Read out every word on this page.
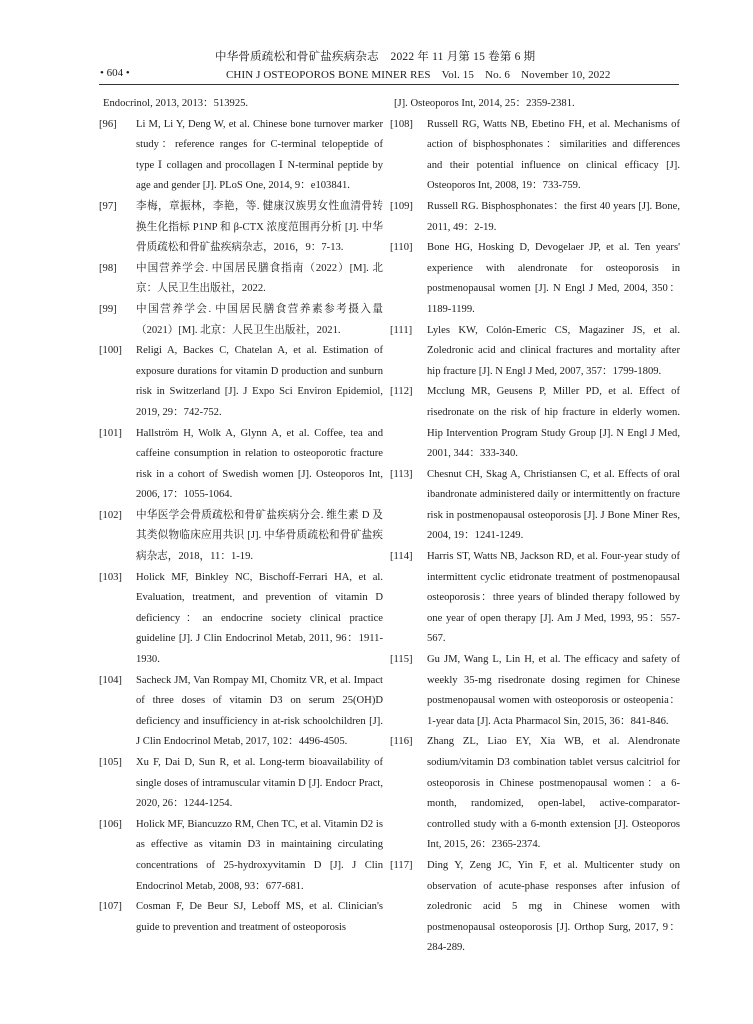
中华骨质疏松和骨矿盐疾病杂志　2022 年 11 月第 15 卷第 6 期
• 604 •	CHIN J OSTEOPOROS BONE MINER RES　Vol. 15　No. 6　November 10, 2022
Endocrinol, 2013, 2013：513925.
[96] Li M, Li Y, Deng W, et al. Chinese bone turnover marker study：reference ranges for C-terminal telopeptide of type Ⅰ collagen and procollagen Ⅰ N-terminal peptide by age and gender [J]. PLoS One, 2014, 9：e103841.
[97] 李梅，章振林，李艳，等. 健康汉族男女性血清骨转换生化指标 P1NP 和 β-CTX 浓度范围再分析 [J]. 中华骨质疏松和骨矿盐疾病杂志，2016，9：7-13.
[98] 中国营养学会. 中国居民膳食指南（2022）[M]. 北京：人民卫生出版社，2022.
[99] 中国营养学会. 中国居民膳食营养素参考摄入量（2021）[M]. 北京：人民卫生出版社，2021.
[100] Religi A, Backes C, Chatelan A, et al. Estimation of exposure durations for vitamin D production and sunburn risk in Switzerland [J]. J Expo Sci Environ Epidemiol, 2019, 29：742-752.
[101] Hallström H, Wolk A, Glynn A, et al. Coffee, tea and caffeine consumption in relation to osteoporotic fracture risk in a cohort of Swedish women [J]. Osteoporos Int, 2006, 17：1055-1064.
[102] 中华医学会骨质疏松和骨矿盐疾病分会. 维生素 D 及其类似物临床应用共识 [J]. 中华骨质疏松和骨矿盐疾病杂志，2018，11：1-19.
[103] Holick MF, Binkley NC, Bischoff-Ferrari HA, et al. Evaluation, treatment, and prevention of vitamin D deficiency：an endocrine society clinical practice guideline [J]. J Clin Endocrinol Metab, 2011, 96：1911-1930.
[104] Sacheck JM, Van Rompay MI, Chomitz VR, et al. Impact of three doses of vitamin D3 on serum 25(OH)D deficiency and insufficiency in at-risk schoolchildren [J]. J Clin Endocrinol Metab, 2017, 102：4496-4505.
[105] Xu F, Dai D, Sun R, et al. Long-term bioavailability of single doses of intramuscular vitamin D [J]. Endocr Pract, 2020, 26：1244-1254.
[106] Holick MF, Biancuzzo RM, Chen TC, et al. Vitamin D2 is as effective as vitamin D3 in maintaining circulating concentrations of 25-hydroxyvitamin D [J]. J Clin Endocrinol Metab, 2008, 93：677-681.
[107] Cosman F, De Beur SJ, Leboff MS, et al. Clinician's guide to prevention and treatment of osteoporosis
[J]. Osteoporos Int, 2014, 25：2359-2381.
[108] Russell RG, Watts NB, Ebetino FH, et al. Mechanisms of action of bisphosphonates：similarities and differences and their potential influence on clinical efficacy [J]. Osteoporos Int, 2008, 19：733-759.
[109] Russell RG. Bisphosphonates：the first 40 years [J]. Bone, 2011, 49：2-19.
[110] Bone HG, Hosking D, Devogelaer JP, et al. Ten years' experience with alendronate for osteoporosis in postmenopausal women [J]. N Engl J Med, 2004, 350：1189-1199.
[111] Lyles KW, Colón-Emeric CS, Magaziner JS, et al. Zoledronic acid and clinical fractures and mortality after hip fracture [J]. N Engl J Med, 2007, 357：1799-1809.
[112] Mcclung MR, Geusens P, Miller PD, et al. Effect of risedronate on the risk of hip fracture in elderly women. Hip Intervention Program Study Group [J]. N Engl J Med, 2001, 344：333-340.
[113] Chesnut CH, Skag A, Christiansen C, et al. Effects of oral ibandronate administered daily or intermittently on fracture risk in postmenopausal osteoporosis [J]. J Bone Miner Res, 2004, 19：1241-1249.
[114] Harris ST, Watts NB, Jackson RD, et al. Four-year study of intermittent cyclic etidronate treatment of postmenopausal osteoporosis：three years of blinded therapy followed by one year of open therapy [J]. Am J Med, 1993, 95：557-567.
[115] Gu JM, Wang L, Lin H, et al. The efficacy and safety of weekly 35-mg risedronate dosing regimen for Chinese postmenopausal women with osteoporosis or osteopenia：1-year data [J]. Acta Pharmacol Sin, 2015, 36：841-846.
[116] Zhang ZL, Liao EY, Xia WB, et al. Alendronate sodium/vitamin D3 combination tablet versus calcitriol for osteoporosis in Chinese postmenopausal women：a 6-month, randomized, open-label, active-comparator-controlled study with a 6-month extension [J]. Osteoporos Int, 2015, 26：2365-2374.
[117] Ding Y, Zeng JC, Yin F, et al. Multicenter study on observation of acute-phase responses after infusion of zoledronic acid 5 mg in Chinese women with postmenopausal osteoporosis [J]. Orthop Surg, 2017, 9：284-289.
